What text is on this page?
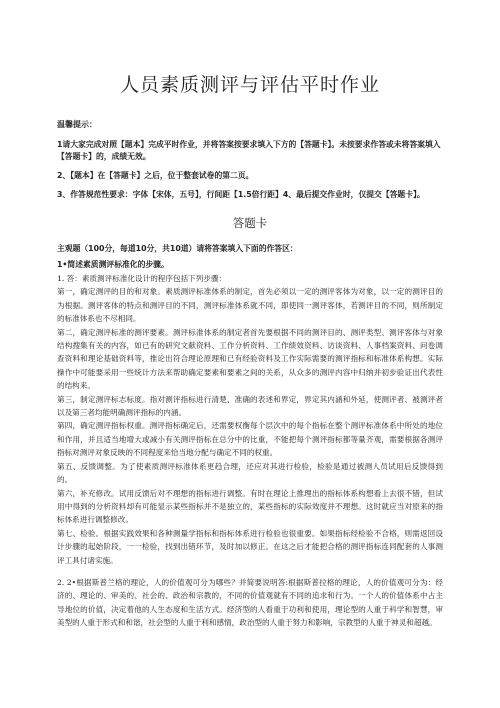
人员素质测评与评估平时作业
温馨提示：
1请大家完成对照【题本】完成平时作业，并将答案按要求填入下方的【答题卡】。未按要求作答或未将答案填入【答题卡】的，成绩无效。
2、【题本】在【答题卡】之后，位于整套试卷的第二页。
3、作答规范性要求：字体【宋体，五号】，行间距【1.5倍行距】4、最后提交作业时，仅提交【答题卡】。
答题卡
主观题（100分，每道10分，共10道）请将答案填入下面的作答区：
1•简述素质测评标准化的步骤。

1. 答：素质测评标准化设计的程序包括下列步骤：

第一，确定测评的目的和对象。素质测评标准体系的制定，首先必须以一定的测评客体为对象，以一定的测评目的为根据。测评客体的特点和测评目的不同，测评标准体系就不同，即使同一测评客体，若测评目的不同，则所制定的标准体系也不尽相同。

第二，确定测评标准的测评要素。测评标准体系的制定者首先要根据不同的测评目的、测评类型、测评客体与对象结构搜集有关的内容，如已有的研究文献资料、工作分析资料、工作绩效资料、访谈资料、人事档案资料、问卷调查资料和理论基础资料等，推论出符合理论原理和已有经验资料及工作实际需要的测评指标和标准体系构想。实际操作中可能要采用一些统计方法来帮助确定要素和要素之间的关系，从众多的测评内容中归纳并初步验证出代表性的结构来。

第三，制定测评标志标度。指对测评指标进行清楚、准确的表述和界定，界定其内涵和外延，使测评者、被测评者以及第三者均能明确测评指标的内涵。

第四，确定测评指标权重。测评指标确定后，还需要权衡每个层次中的每个指标在整个测评标准体系中所处的地位和作用，并且适当地增大或减小有关测评指标在总分中的比重，不能把每个测评指标都等量齐观，需要根据各测评指标对测评对象反映的不同程度来恰当地分配与确定不同的权重。

第五、反馈调整。为了使素质测评标准体系更趋合理，还应对其进行检验，检验是通过被测人员试用后反馈得到的。

第六，补充修改。试用反馈后对不理想的指标进行调整。有时在理论上推理出的指标体系构想看上去很不错，但试用中得到的分析资料却有可能显示某些指标并不是独立的，某些指标的实际效度并不理想。这时就应当对原来的指标体系进行调整修改。

第七、检验。根据实践效果和各种测量学指标和指标体系进行检验也很重要。如果指标经检验不合格，则需返回设计步骤的起始阶段，一一检验，找到出错环节，及时加以修正。在这之后才能把合格的测评指标连同配套的人事测评工具付诸实施。

2. 2•根据斯普兰格的理论，人的价值观可分为哪些？并简要说明答:根据斯普拉格的理论，人的价值观可分为：经济的、理论的、审美的、社会的、政治和宗教的，不同的价值观就有不同的追求和行为。一个人的价值体系中占主导地位的价值，决定着他的人生态度和生活方式。经济型的人看重于功利和使用，理论型的人重于科学和智慧，审美型的人重于形式和和谐，社会型的人重于利和感情，政治型的人重于努力和影响，宗教型的人重于神灵和超越。
